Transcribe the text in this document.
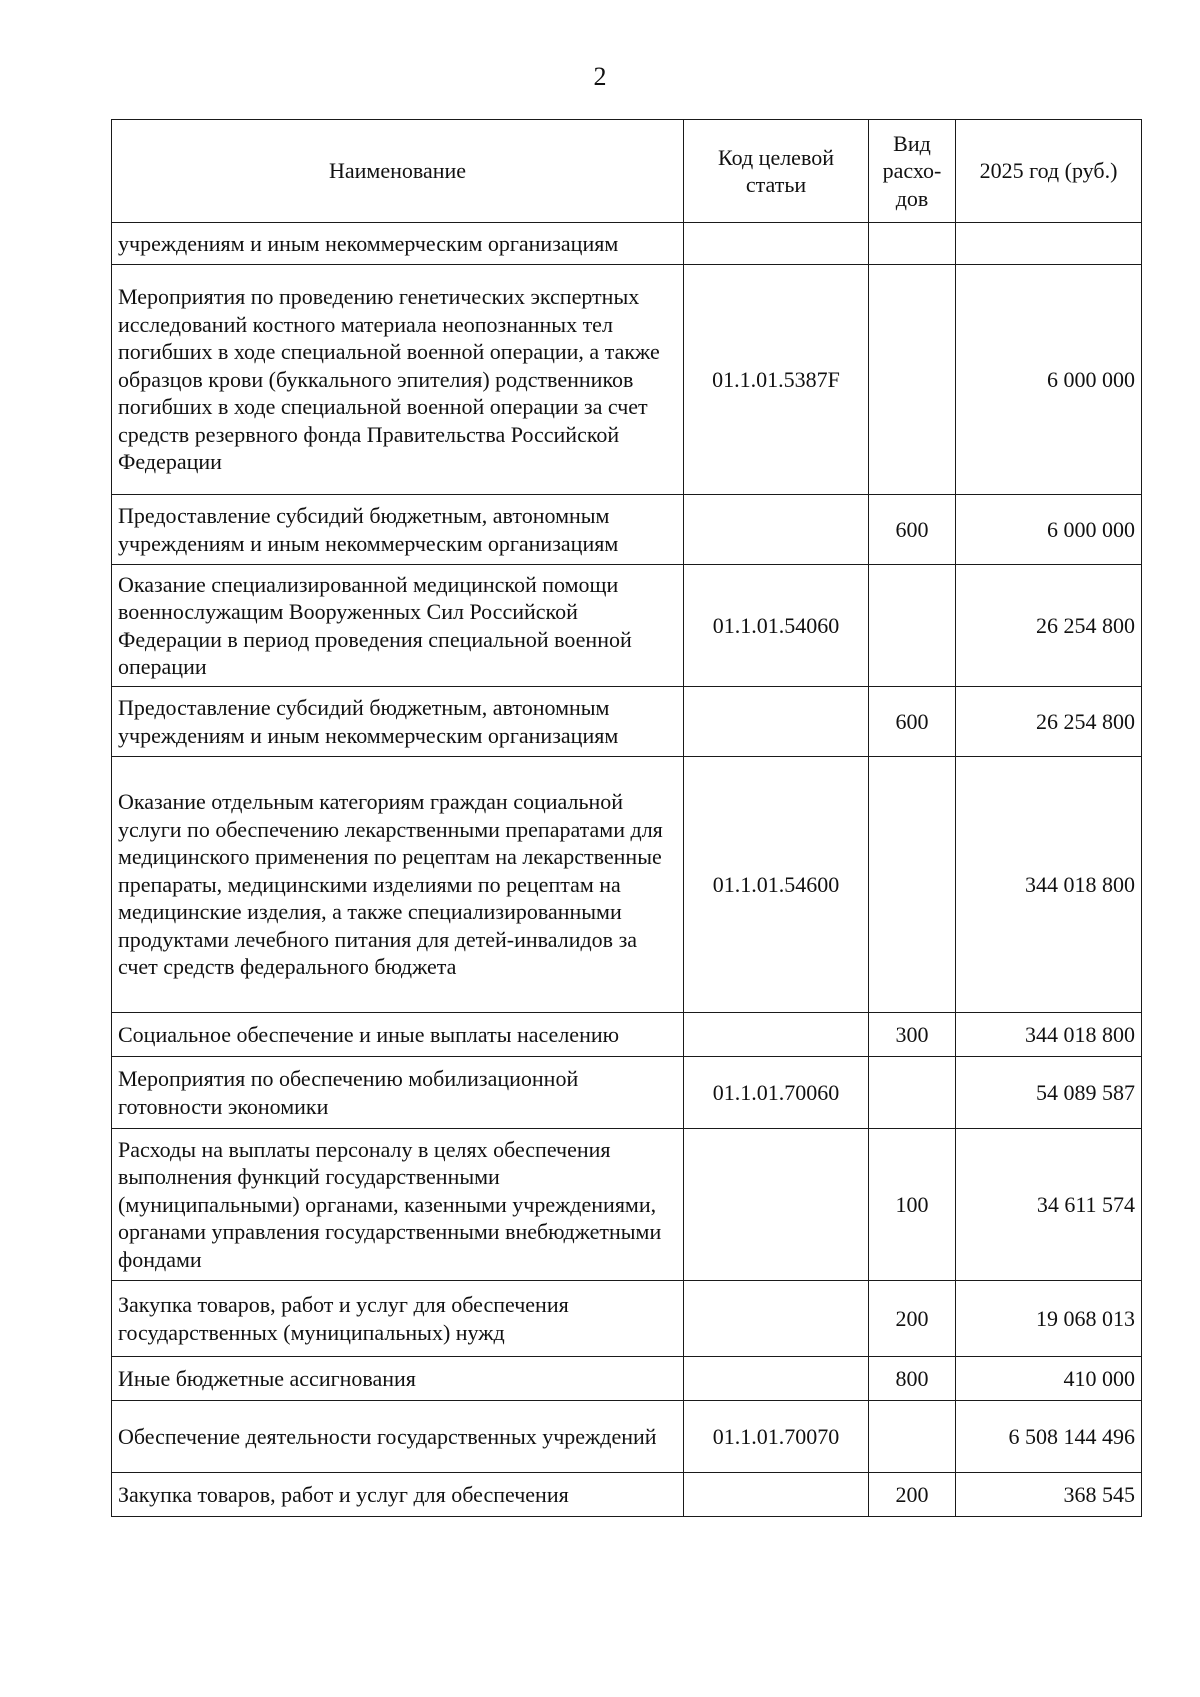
2
Наименование	Код целевой статьи	Вид расхо-дов	2025 год (руб.)
учреждениям и иным некоммерческим организациям			
Мероприятия по проведению генетических экспертных исследований костного материала неопознанных тел погибших в ходе специальной военной операции, а также образцов крови (буккального эпителия) родственников погибших в ходе специальной военной операции за счет средств резервного фонда Правительства Российской Федерации	01.1.01.5387F		6 000 000
Предоставление субсидий бюджетным, автономным учреждениям и иным некоммерческим организациям		600	6 000 000
Оказание специализированной медицинской помощи военнослужащим Вооруженных Сил Российской Федерации в период проведения специальной военной операции	01.1.01.54060		26 254 800
Предоставление субсидий бюджетным, автономным учреждениям и иным некоммерческим организациям		600	26 254 800
Оказание отдельным категориям граждан социальной услуги по обеспечению лекарственными препаратами для медицинского применения по рецептам на лекарственные препараты, медицинскими изделиями по рецептам на медицинские изделия, а также специализированными продуктами лечебного питания для детей-инвалидов за счет средств федерального бюджета	01.1.01.54600		344 018 800
Социальное обеспечение и иные выплаты населению		300	344 018 800
Мероприятия по обеспечению мобилизационной готовности экономики	01.1.01.70060		54 089 587
Расходы на выплаты персоналу в целях обеспечения выполнения функций государственными (муниципальными) органами, казенными учреждениями, органами управления государственными внебюджетными фондами		100	34 611 574
Закупка товаров, работ и услуг для обеспечения государственных (муниципальных) нужд		200	19 068 013
Иные бюджетные ассигнования		800	410 000
Обеспечение деятельности государственных учреждений	01.1.01.70070		6 508 144 496
Закупка товаров, работ и услуг для обеспечения		200	368 545
